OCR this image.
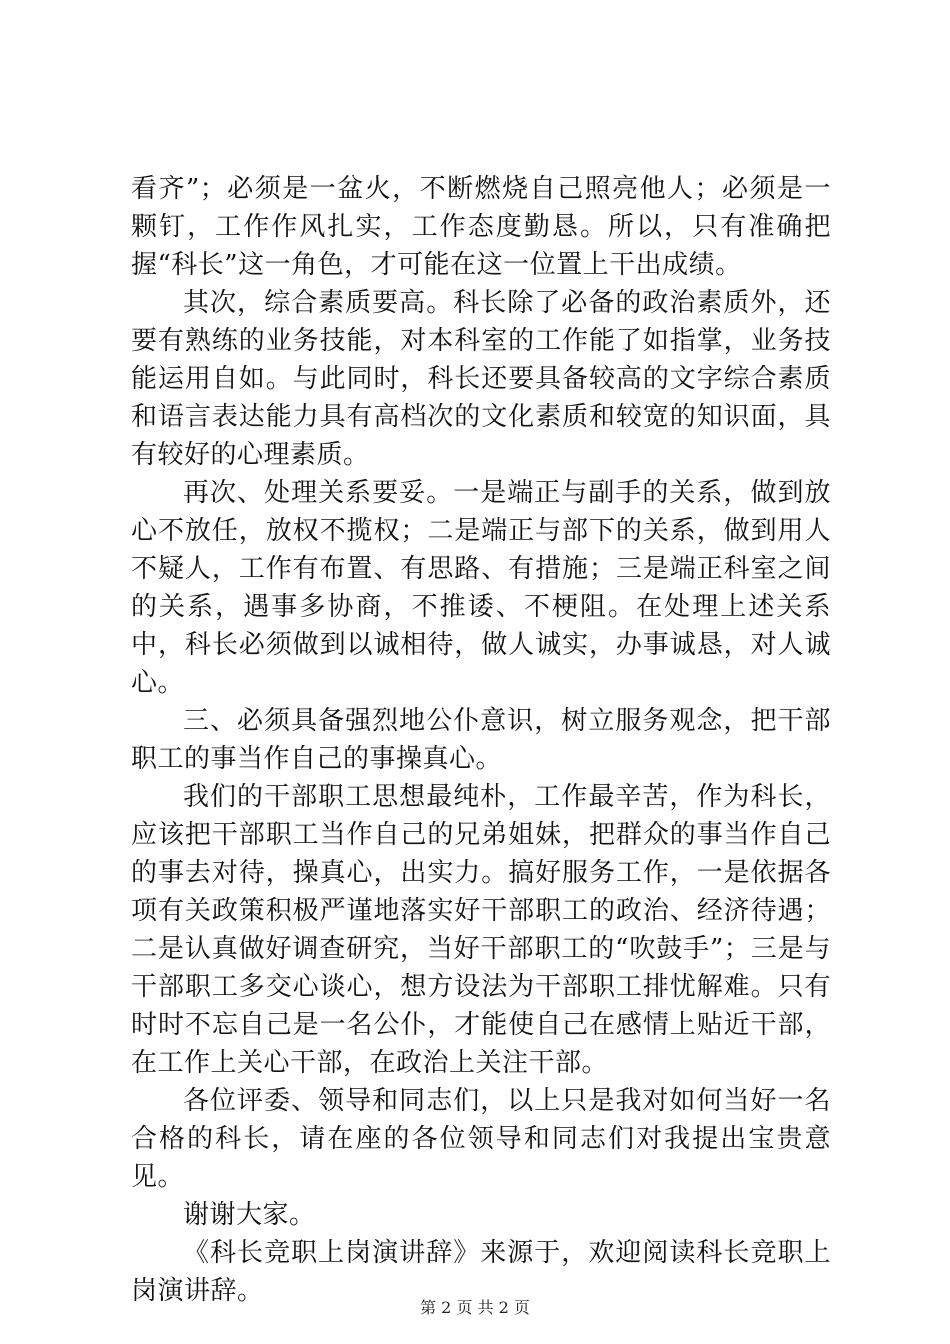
看齐”；必须是一盆火，不断燃烧自己照亮他人；必须是一颗钉，工作作风扎实，工作态度勤恳。所以，只有准确把握“科长”这一角色，才可能在这一位置上干出成绩。

其次，综合素质要高。科长除了必备的政治素质外，还要有熟练的业务技能，对本科室的工作能了如指掌，业务技能运用自如。与此同时，科长还要具备较高的文字综合素质和语言表达能力具有高档次的文化素质和较宽的知识面，具有较好的心理素质。

再次、处理关系要妥。一是端正与副手的关系，做到放心不放任，放权不揽权；二是端正与部下的关系，做到用人不疑人，工作有布置、有思路、有措施；三是端正科室之间的关系，遇事多协商，不推诿、不梗阻。在处理上述关系中，科长必须做到以诚相待，做人诚实，办事诚恳，对人诚心。

三、必须具备强烈地公仆意识，树立服务观念，把干部职工的事当作自己的事操真心。

我们的干部职工思想最纯朴，工作最辛苦，作为科长，应该把干部职工当作自己的兄弟姐妹，把群众的事当作自己的事去对待，操真心，出实力。搞好服务工作，一是依据各项有关政策积极严谨地落实好干部职工的政治、经济待遇；二是认真做好调查研究，当好干部职工的“吹鼓手”；三是与干部职工多交心谈心，想方设法为干部职工排忧解难。只有时时不忘自己是一名公仆，才能使自己在感情上贴近干部，在工作上关心干部，在政治上关注干部。

各位评委、领导和同志们，以上只是我对如何当好一名合格的科长，请在座的各位领导和同志们对我提出宝贵意见。

谢谢大家。

《科长竞职上岗演讲辞》来源于，欢迎阅读科长竞职上岗演讲辞。

第 2 页 共 2 页
